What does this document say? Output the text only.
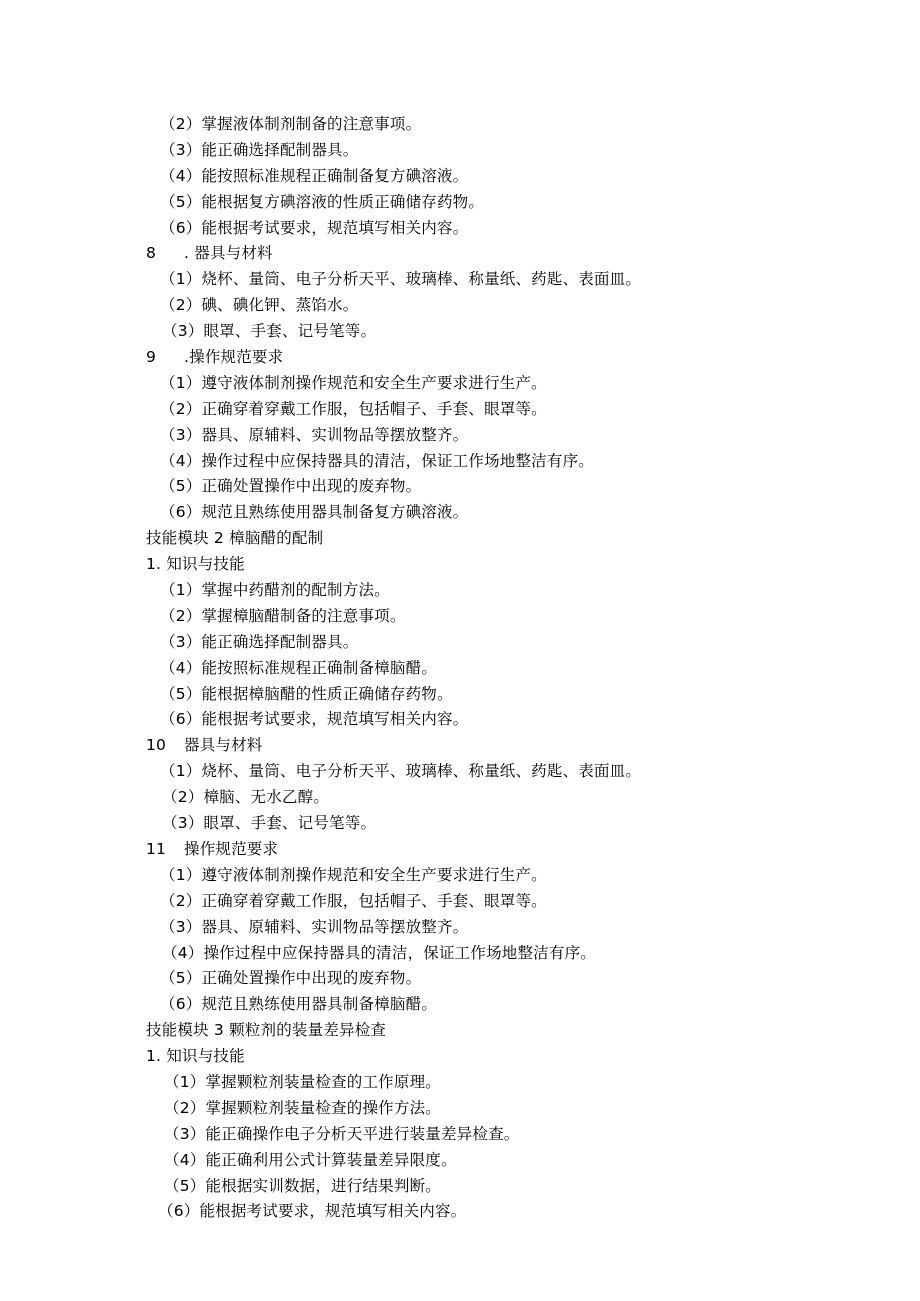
（2）掌握液体制剂制备的注意事项。
（3）能正确选择配制器具。
（4）能按照标准规程正确制备复方碘溶液。
（5）能根据复方碘溶液的性质正确储存药物。
（6）能根据考试要求，规范填写相关内容。
8 . 器具与材料
（1）烧杯、量筒、电子分析天平、玻璃棒、称量纸、药匙、表面皿。
（2）碘、碘化钾、蒸馅水。
（3）眼罩、手套、记号笔等。
9 .操作规范要求
（1）遵守液体制剂操作规范和安全生产要求进行生产。
（2）正确穿着穿戴工作服，包括帽子、手套、眼罩等。
（3）器具、原辅料、实训物品等摆放整齐。
（4）操作过程中应保持器具的清洁，保证工作场地整洁有序。
（5）正确处置操作中出现的废弃物。
（6）规范且熟练使用器具制备复方碘溶液。
技能模块 2 樟脑醋的配制
1. 知识与技能
（1）掌握中药醋剂的配制方法。
（2）掌握樟脑醋制备的注意事项。
（3）能正确选择配制器具。
（4）能按照标准规程正确制备樟脑醋。
（5）能根据樟脑醋的性质正确储存药物。
（6）能根据考试要求，规范填写相关内容。
10 器具与材料
（1）烧杯、量筒、电子分析天平、玻璃棒、称量纸、药匙、表面皿。
（2）樟脑、无水乙醇。
（3）眼罩、手套、记号笔等。
11 操作规范要求
（1）遵守液体制剂操作规范和安全生产要求进行生产。
（2）正确穿着穿戴工作服，包括帽子、手套、眼罩等。
（3）器具、原辅料、实训物品等摆放整齐。
（4）操作过程中应保持器具的清洁，保证工作场地整洁有序。
（5）正确处置操作中出现的废弃物。
（6）规范且熟练使用器具制备樟脑醋。
技能模块 3 颗粒剂的装量差异检查
1. 知识与技能
（1）掌握颗粒剂装量检查的工作原理。
（2）掌握颗粒剂装量检查的操作方法。
（3）能正确操作电子分析天平进行装量差异检查。
（4）能正确利用公式计算装量差异限度。
（5）能根据实训数据，进行结果判断。
（6）能根据考试要求，规范填写相关内容。
